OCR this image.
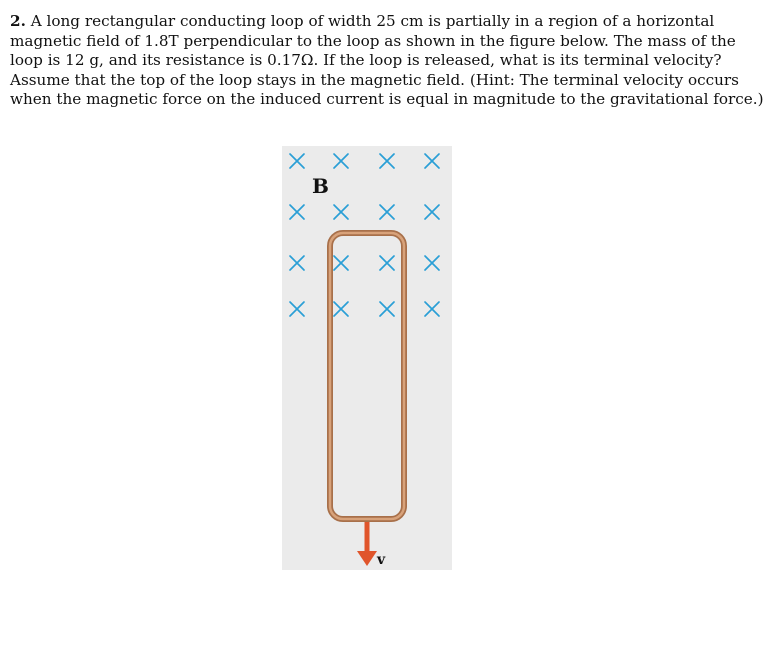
2. A long rectangular conducting loop of width 25 cm is partially in a region of a horizontal magnetic field of 1.8T perpendicular to the loop as shown in the figure below. The mass of the loop is 12 g, and its resistance is 0.17Ω. If the loop is released, what is its terminal velocity? Assume that the top of the loop stays in the magnetic field. (Hint: The terminal velocity occurs when the magnetic force on the induced current is equal in magnitude to the gravitational force.)
B
v
